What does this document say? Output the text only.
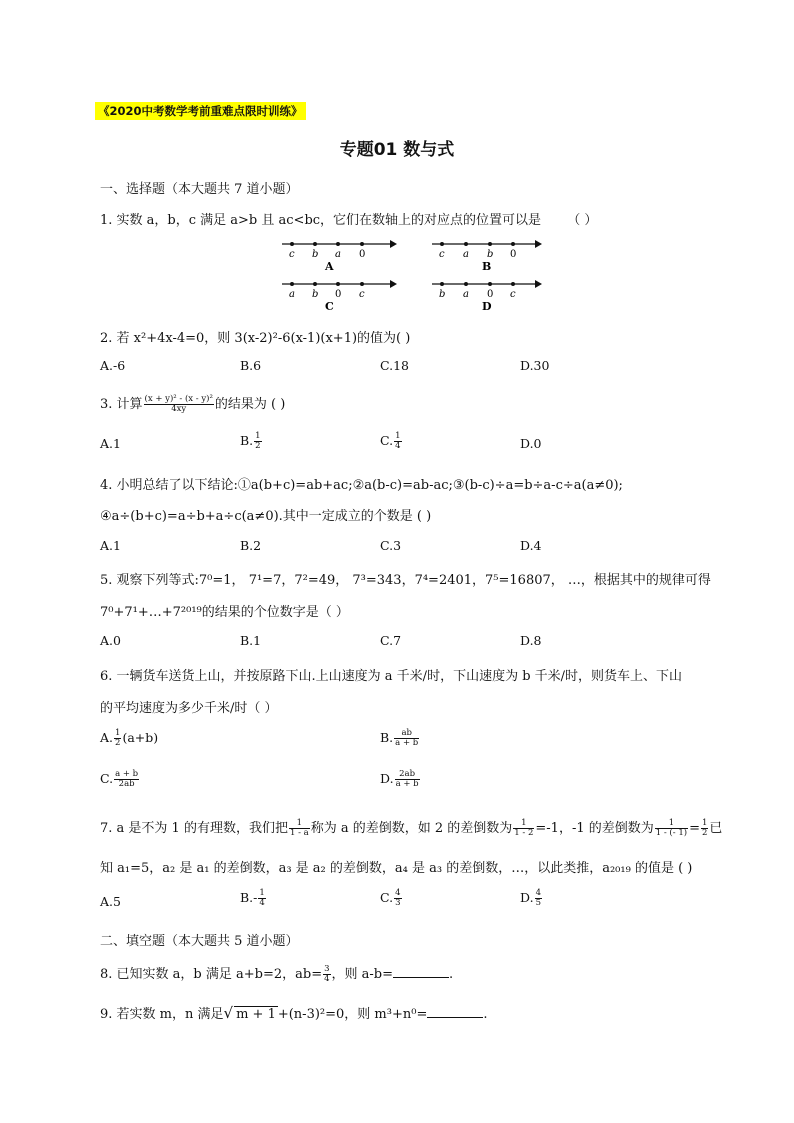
《2020中考数学考前重难点限时训练》
专题01 数与式
一、选择题（本大题共 7 道小题）
1. 实数 a，b，c 满足 a>b 且 ac<bc，它们在数轴上的对应点的位置可以是 （ ）
c b a 0
A
c a b 0
B
a b 0 c
C
b a 0 c
D
2. 若 x²+4x-4=0，则 3(x-2)²-6(x-1)(x+1)的值为( )
A.-6	B.6	C.18	D.30
3. 计算 $\frac{\text{(x + y)² - (x - y)²}}{4xy}$ 的结果为 ( )
A.1	B. $\frac{1}{2}$	C. $\frac{1}{4}$	D.0
4. 小明总结了以下结论:①a(b+c)=ab+ac;②a(b-c)=ab-ac;③(b-c)÷a=b÷a-c÷a(a≠0);
④a÷(b+c)=a÷b+a÷c(a≠0).其中一定成立的个数是 ( )
A.1	B.2	C.3	D.4
5. 观察下列等式:7⁰=1， 7¹=7，7²=49， 7³=343，7⁴=2401，7⁵=16807， …，根据其中的规律可得
7⁰+7¹+…+7²⁰¹⁹的结果的个位数字是（ ）
A.0	B.1	C.7	D.8
6. 一辆货车送货上山，并按原路下山.上山速度为 a 千米/时，下山速度为 b 千米/时，则货车上、下山
的平均速度为多少千米/时（ ）
A. $\frac{1}{2} (a+b)$	B. $\frac{ab}{a + b}$
C. $\frac{a + b}{2ab}$	D. $\frac{2ab}{a + b}$
7. a 是不为 1 的有理数，我们把 $\frac{1}{1 - a}$ 称为 a 的差倒数，如 2 的差倒数为 $\frac{1}{1 - 2} =-1$，-1 的差倒数为 $\frac{1}{1 - (- 1)} = \frac{1}{2}$ 已
知 a₁=5，a₂ 是 a₁ 的差倒数，a₃ 是 a₂ 的差倒数，a₄ 是 a₃ 的差倒数，…，以此类推，a₂₀₁₉ 的值是 ( )
A.5	$B.- \frac{1}{4}$	C. $\frac{4}{3}$	D. $\frac{4}{5}$
二、填空题（本大题共 5 道小题）
8. 已知实数 a，b 满足 a+b=2，$ab= \frac{3}{4}$ ，则 a-b=	.
9. 若实数 m，n 满足√ m + 1 +(n-3)²=0，则 m³+n⁰=	.
